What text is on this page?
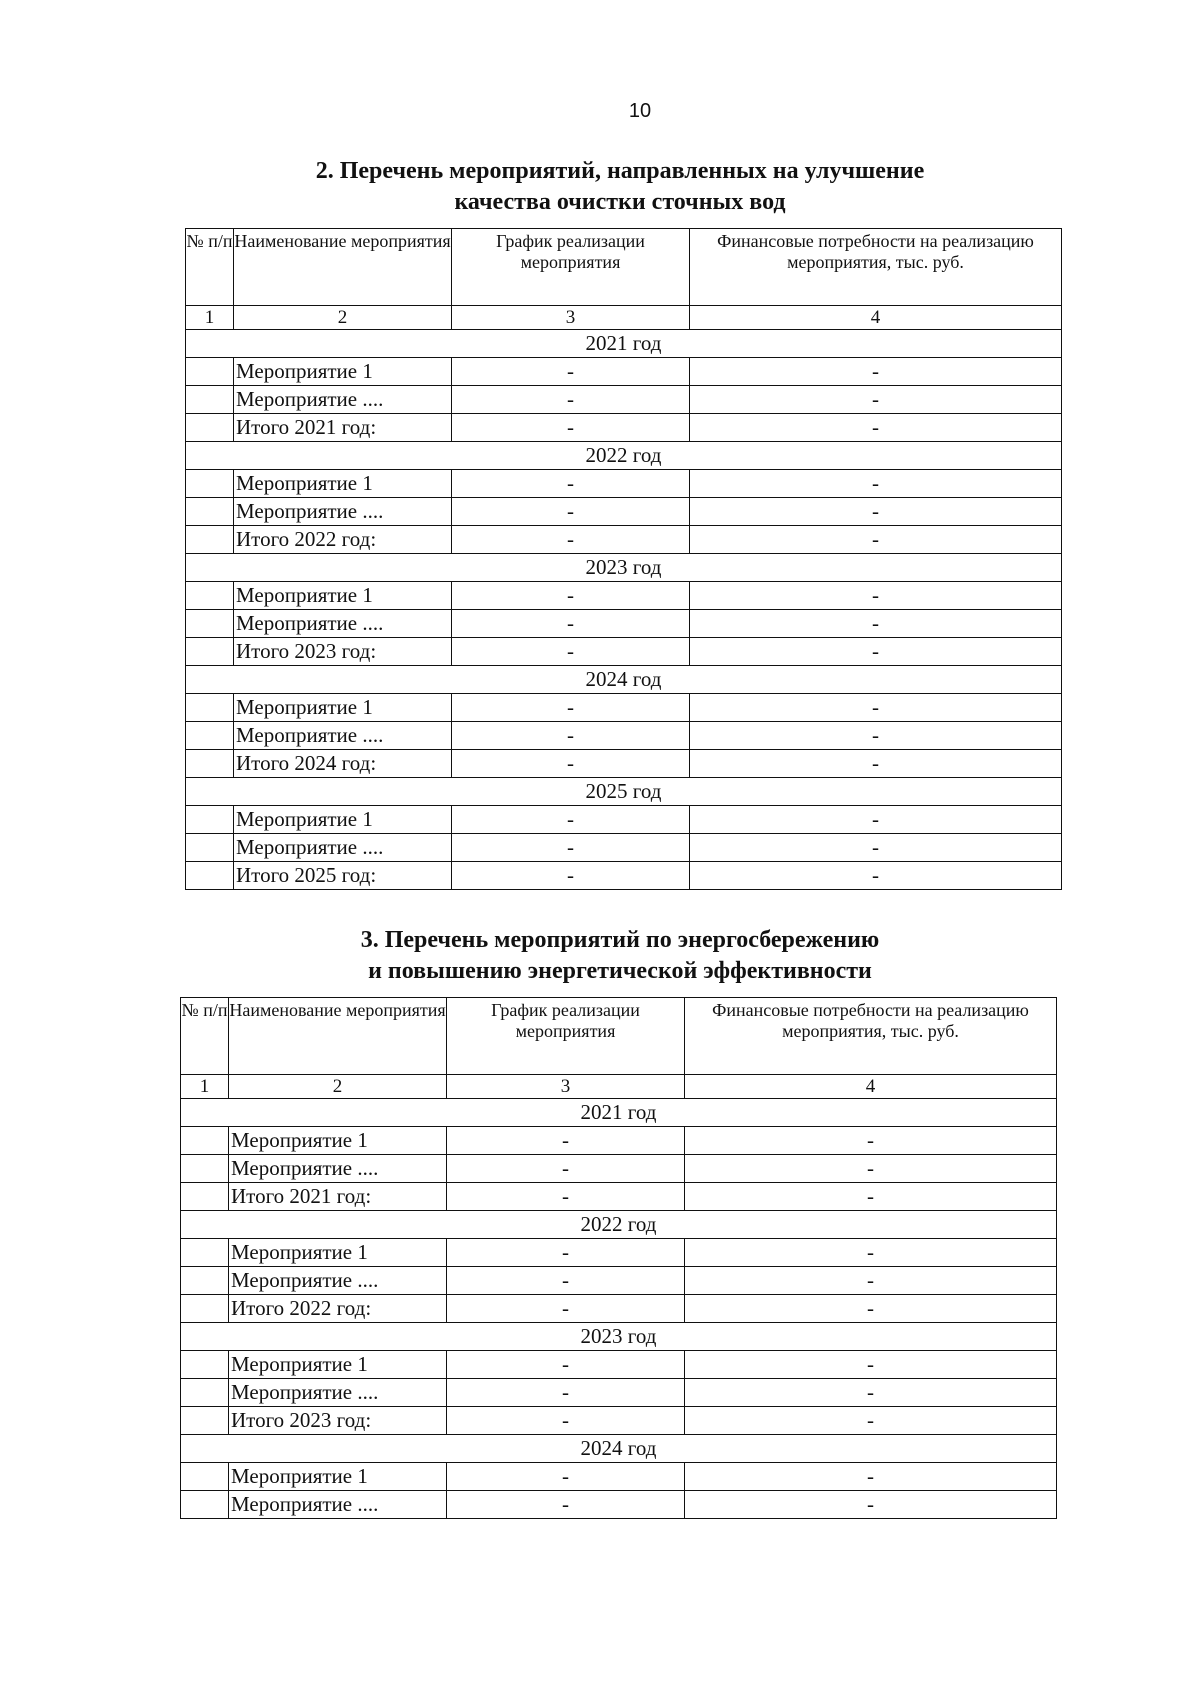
10
2. Перечень мероприятий, направленных на улучшение
качества очистки сточных вод
№ п/п	Наименование мероприятия	График реализации мероприятия	Финансовые потребности на реализацию мероприятия, тыс. руб.
1	2	3	4
2021 год			
	Мероприятие 1	-	-
	Мероприятие ....	-	-
	Итого 2021 год:	-	-
2022 год			
	Мероприятие 1	-	-
	Мероприятие ....	-	-
	Итого 2022 год:	-	-
2023 год			
	Мероприятие 1	-	-
	Мероприятие ....	-	-
	Итого 2023 год:	-	-
2024 год			
	Мероприятие 1	-	-
	Мероприятие ....	-	-
	Итого 2024 год:	-	-
2025 год			
	Мероприятие 1	-	-
	Мероприятие ....	-	-
	Итого 2025 год:	-	-
3. Перечень мероприятий по энергосбережению
и повышению энергетической эффективности
№ п/п	Наименование мероприятия	График реализации мероприятия	Финансовые потребности на реализацию мероприятия, тыс. руб.
1	2	3	4
2021 год			
	Мероприятие 1	-	-
	Мероприятие ....	-	-
	Итого 2021 год:	-	-
2022 год			
	Мероприятие 1	-	-
	Мероприятие ....	-	-
	Итого 2022 год:	-	-
2023 год			
	Мероприятие 1	-	-
	Мероприятие ....	-	-
	Итого 2023 год:	-	-
2024 год			
	Мероприятие 1	-	-
	Мероприятие ....	-	-
